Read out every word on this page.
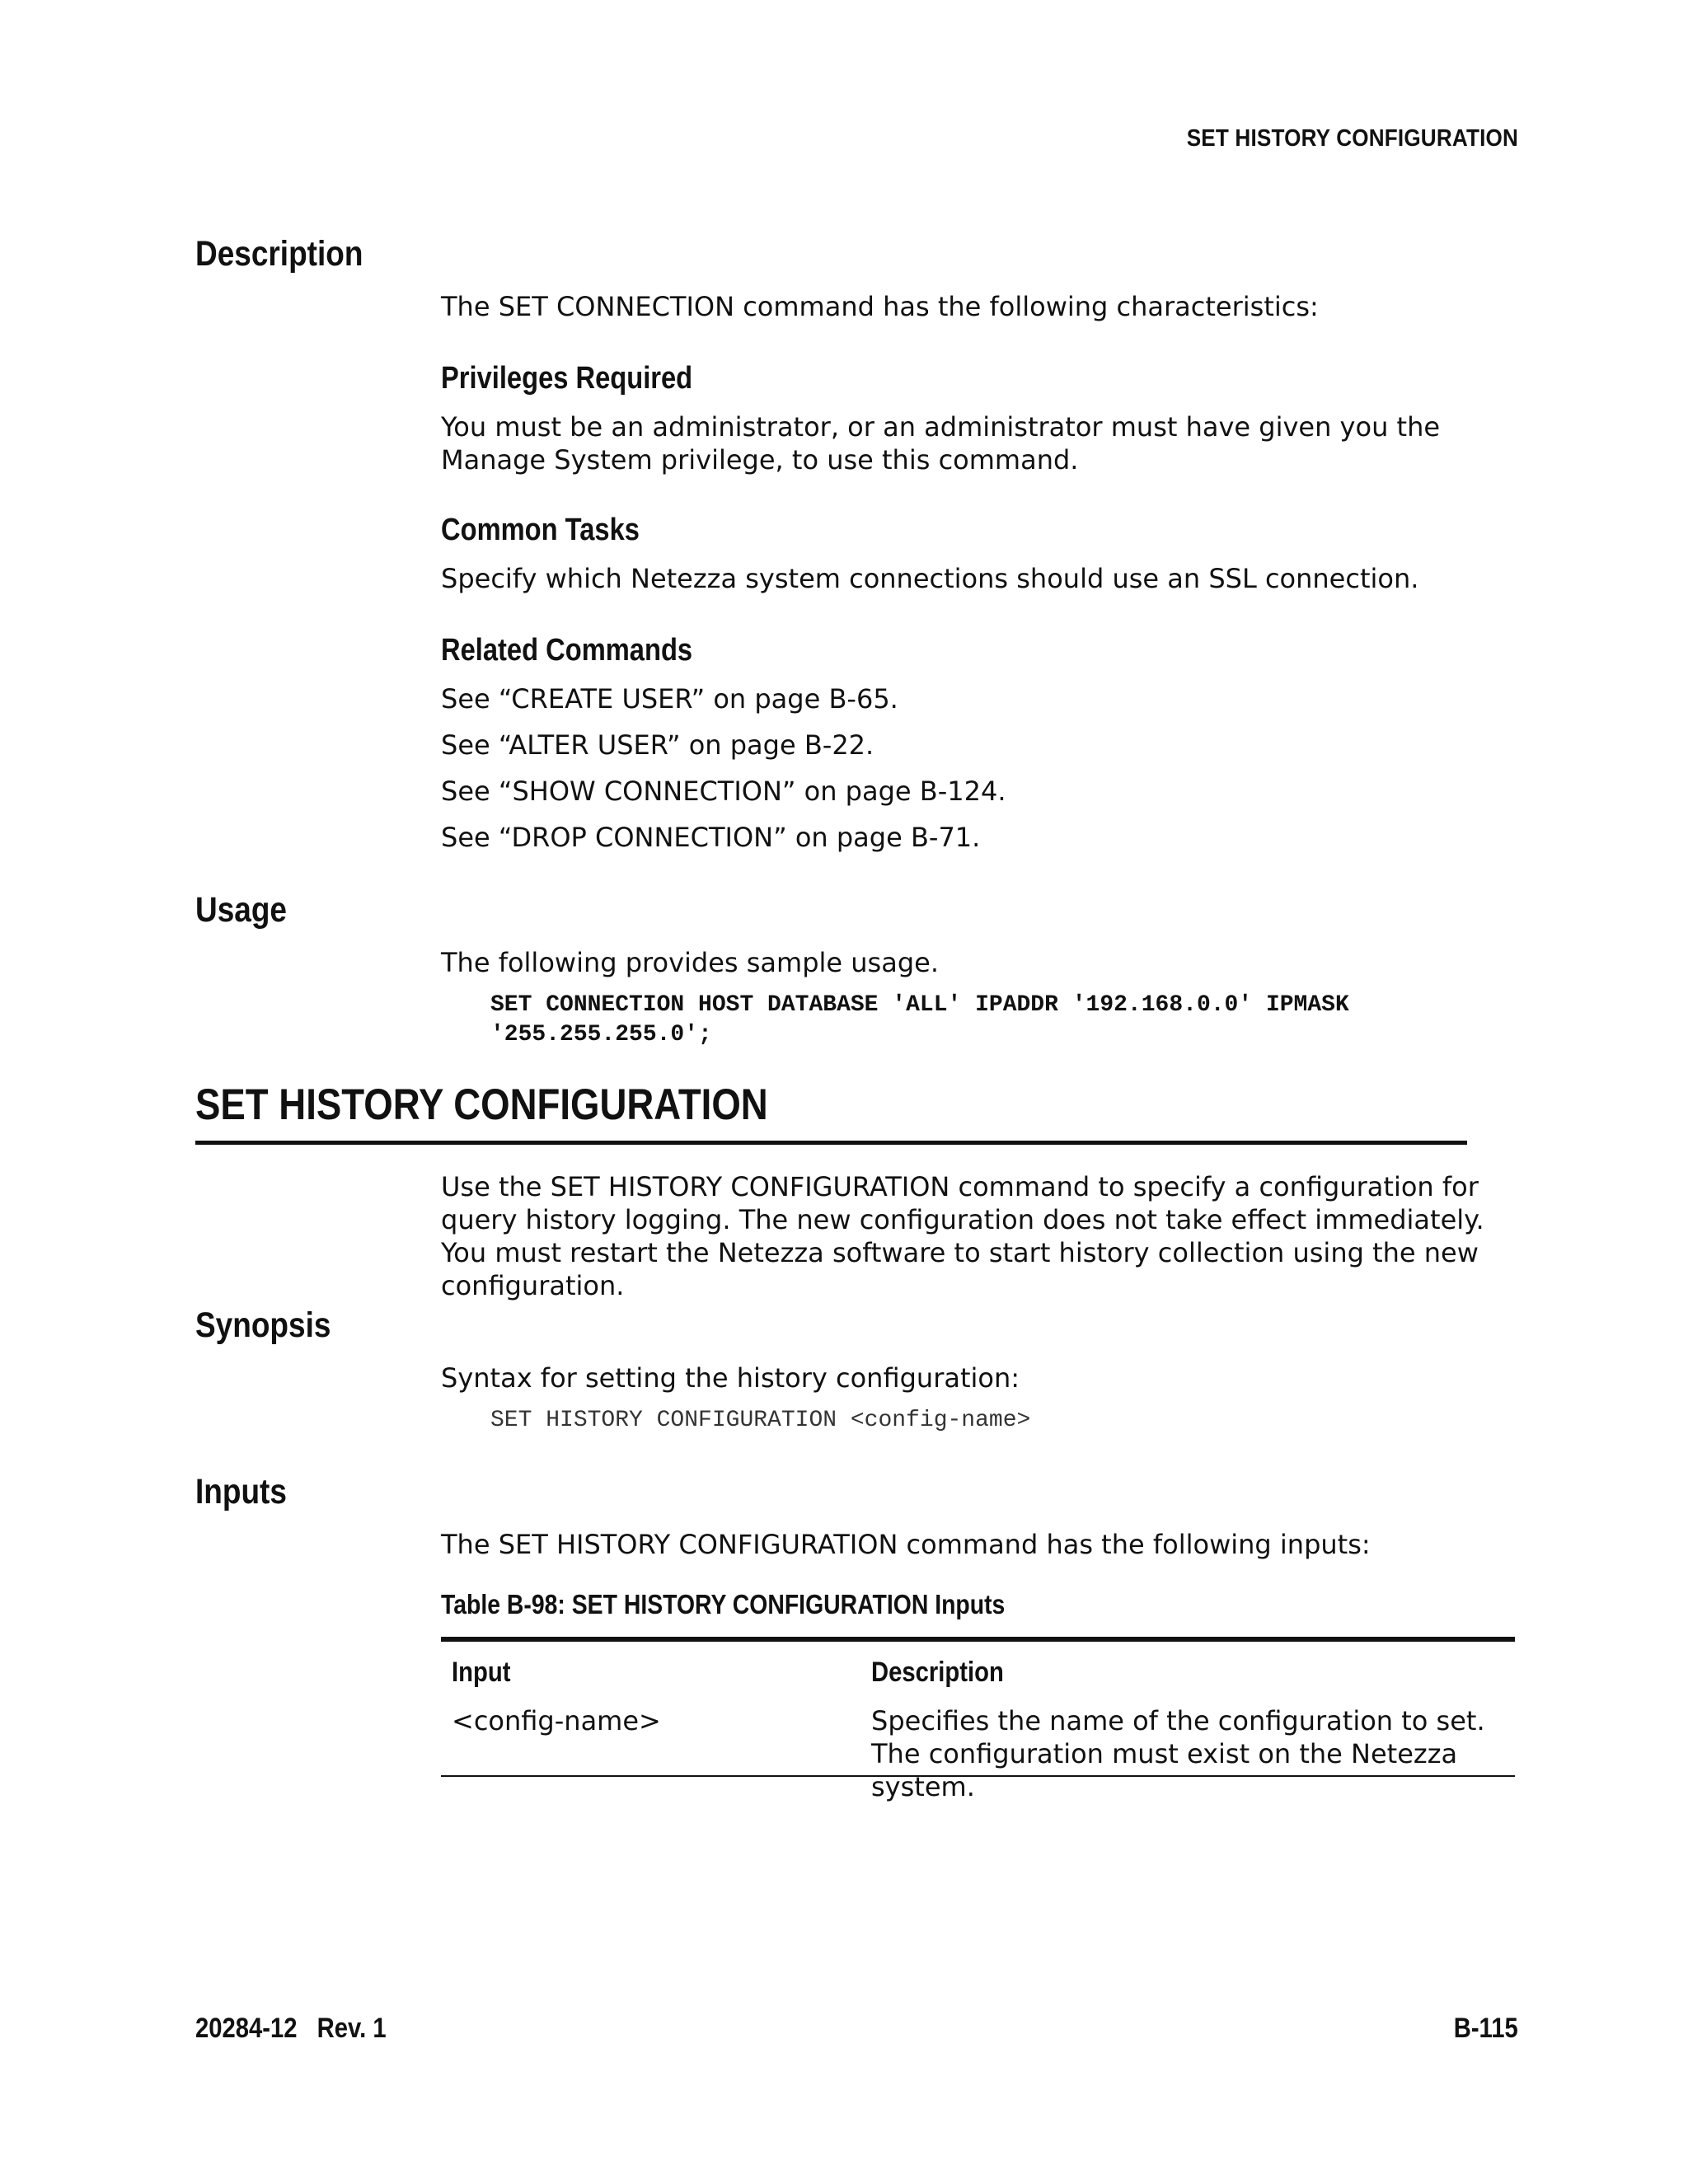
SET HISTORY CONFIGURATION
Description
The SET CONNECTION command has the following characteristics:
Privileges Required
You must be an administrator, or an administrator must have given you the Manage System privilege, to use this command.
Common Tasks
Specify which Netezza system connections should use an SSL connection.
Related Commands
See “CREATE USER” on page B-65.
See “ALTER USER” on page B-22.
See “SHOW CONNECTION” on page B-124.
See “DROP CONNECTION” on page B-71.
Usage
The following provides sample usage.
SET CONNECTION HOST DATABASE 'ALL' IPADDR '192.168.0.0' IPMASK
'255.255.255.0';
SET HISTORY CONFIGURATION
Use the SET HISTORY CONFIGURATION command to specify a configuration for query history logging. The new configuration does not take effect immediately. You must restart the Netezza software to start history collection using the new configuration.
Synopsis
Syntax for setting the history configuration:
SET HISTORY CONFIGURATION <config-name>
Inputs
The SET HISTORY CONFIGURATION command has the following inputs:
Table B-98: SET HISTORY CONFIGURATION Inputs
Input	Description
<config-name>	Specifies the name of the configuration to set. The configuration must exist on the Netezza system.
20284-12 Rev. 1	B-115
